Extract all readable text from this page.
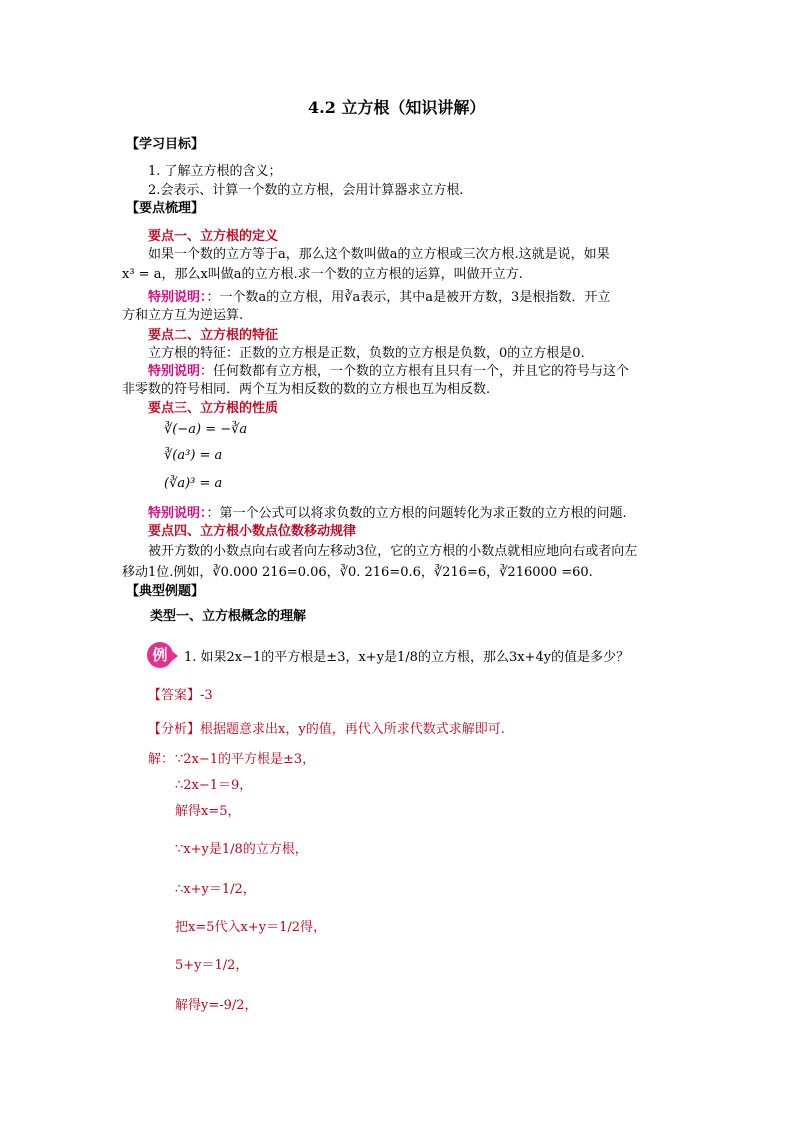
4.2 立方根（知识讲解）
【学习目标】
1. 了解立方根的含义；
2.会表示、计算一个数的立方根，会用计算器求立方根.
【要点梳理】
要点一、立方根的定义
如果一个数的立方等于a，那么这个数叫做a的立方根或三次方根.这就是说，如果
x³ = a，那么x叫做a的立方根.求一个数的立方根的运算，叫做开立方.
特别说明：：一个数a的立方根，用∛a表示，其中a是被开方数，3是根指数．开立
方和立方互为逆运算.
要点二、立方根的特征
立方根的特征：正数的立方根是正数，负数的立方根是负数，0的立方根是0.
特别说明：任何数都有立方根，一个数的立方根有且只有一个，并且它的符号与这个
非零数的符号相同．两个互为相反数的数的立方根也互为相反数.
要点三、立方根的性质
∛(−a) = −∛a
∛(a³) = a
(∛a)³ = a
特别说明：：第一个公式可以将求负数的立方根的问题转化为求正数的立方根的问题.
要点四、立方根小数点位数移动规律
被开方数的小数点向右或者向左移动3位，它的立方根的小数点就相应地向右或者向左
移动1位.例如，∛0.000 216=0.06，∛0. 216=0.6，∛216=6，∛216000 =60.
【典型例题】
类型一、立方根概念的理解
例	1. 如果2x−1的平方根是±3，x+y是1/8的立方根，那么3x+4y的值是多少？
【答案】-3
【分析】根据题意求出x，y的值，再代入所求代数式求解即可.
解： ∵2x−1的平方根是±3，
∴2x−1＝9，
解得x=5，
∵x+y是1/8的立方根，
∴x+y＝1/2，
把x=5代入x+y＝1/2得，
5+y＝1/2，
解得y=-9/2，
